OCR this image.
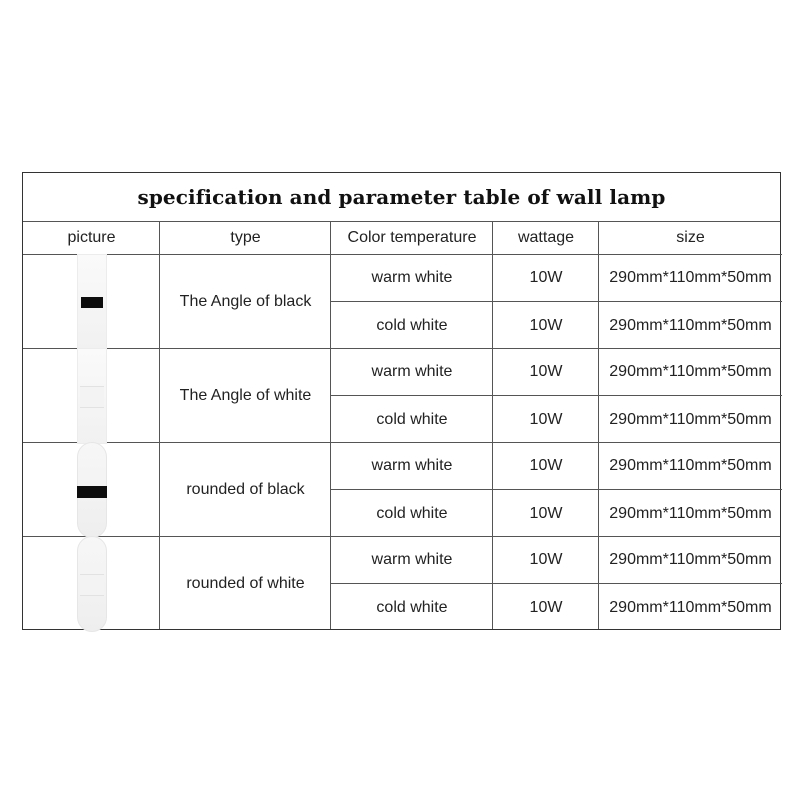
specification and parameter table of wall lamp
picture	type	Color temperature	wattage	size
The Angle of black
warm white	10W	290mm*110mm*50mm
cold white	10W	290mm*110mm*50mm
The Angle of white
warm white	10W	290mm*110mm*50mm
cold white	10W	290mm*110mm*50mm
rounded of black
warm white	10W	290mm*110mm*50mm
cold white	10W	290mm*110mm*50mm
rounded of white
warm white	10W	290mm*110mm*50mm
cold white	10W	290mm*110mm*50mm
